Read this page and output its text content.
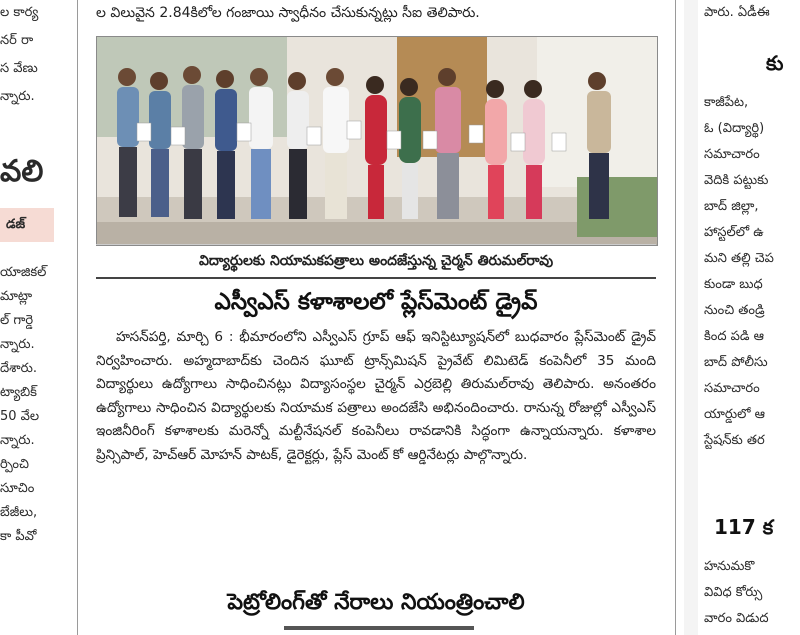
ల కార్య
నర్ రా
స వేణు
న్నారు.
వలి
డజ్
యాజికల్
మాట్లా
ల్ గార్డె
న్నారు.
దేశారు.
ట్యాబిక్
50 వేల
న్నారు.
ర్పించి
సూచిం
బేజీలు,
కా పీవో
ల విలువైన 2.84కిలోల గంజాయి స్వాధీనం చేసుకున్నట్లు సీఐ తెలిపారు.
విద్యార్థులకు నియామకపత్రాలు అందజేస్తున్న చైర్మన్ తిరుమల్‌రావు
ఎస్వీఎస్ కళాశాలలో ప్లేస్‌మెంట్ డ్రైవ్

హసన్‌పర్తి, మార్చి 6 : భీమారంలోని ఎస్వీఎస్ గ్రూప్ ఆఫ్ ఇనిస్టిట్యూషన్‌లో బుధవారం ప్లేస్‌మెంట్ డ్రైవ్ నిర్వహించారు. అహ్మదాబాద్‌కు చెందిన ఘూట్ ట్రాన్స్‌మిషన్ ప్రైవేట్ లిమిటెడ్ కంపెనీలో 35 మంది విద్యార్థులు ఉద్యోగాలు సాధించినట్లు విద్యాసంస్థల చైర్మన్ ఎర్రబెల్లి తిరుమల్‌రావు తెలిపారు. అనంతరం ఉద్యోగాలు సాధించిన విద్యార్థులకు నియామక పత్రాలు అందజేసి అభినందించారు. రానున్న రోజుల్లో ఎస్వీఎస్ ఇంజినీరింగ్ కళాశాలకు మరెన్నో మల్టీనేషనల్ కంపెనీలు రావడానికి సిద్ధంగా ఉన్నాయన్నారు. కళాశాల ప్రిన్సిపాల్, హెచ్ఆర్ మోహన్ పాటక్, డైరెక్టర్లు, ప్లేస్ మెంట్ కో ఆర్డినేటర్లు పాల్గొన్నారు.

పెట్రోలింగ్‌తో నేరాలు నియంత్రించాలి
పారు. ఏడీఈ
కు
కాజీపేట,
ఓ (విద్యార్థి)
సమాచారం
వెదికి పట్టుకు
బాద్ జిల్లా,
హాస్టల్‌లో ఉ
మని తల్లి చెప
కుండా బుధ
నుంచి తండ్రి
కింద పడి ఆ
బాద్ పోలీసు
సమాచారం
యార్డులో ఆ
స్టేషన్‌కు తర
117 క
హనుమకొ
వివిధ కోర్సు
వారం విడుద
